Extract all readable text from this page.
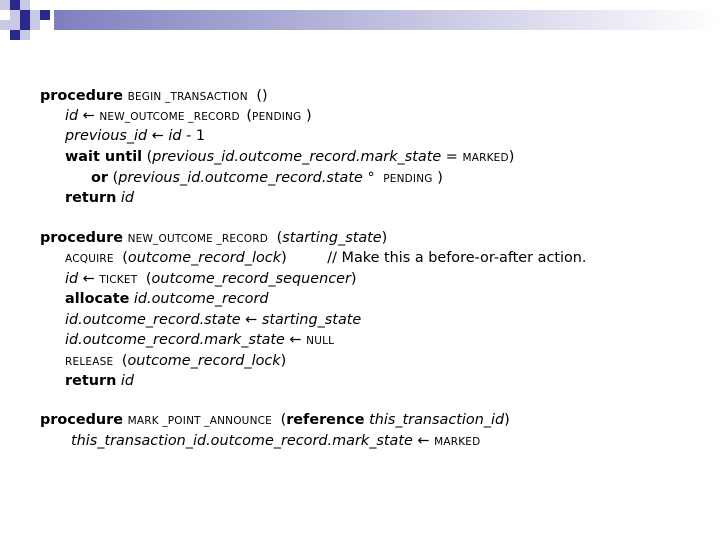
procedure BEGIN _TRANSACTION ()
id ← NEW_OUTCOME _RECORD (PENDING )
previous_id ← id - 1
wait until (previous_id.outcome_record.mark_state = MARKED)
or (previous_id.outcome_record.state ° PENDING )
return id
procedure NEW_OUTCOME _RECORD (starting_state)
ACQUIRE (outcome_record_lock)	// Make this a before-or-after action.
id ← TICKET (outcome_record_sequencer)
allocate id.outcome_record
id.outcome_record.state ← starting_state
id.outcome_record.mark_state ← NULL
RELEASE (outcome_record_lock)
return id
procedure MARK _POINT _ANNOUNCE (reference this_transaction_id)
this_transaction_id.outcome_record.mark_state ← MARKED
